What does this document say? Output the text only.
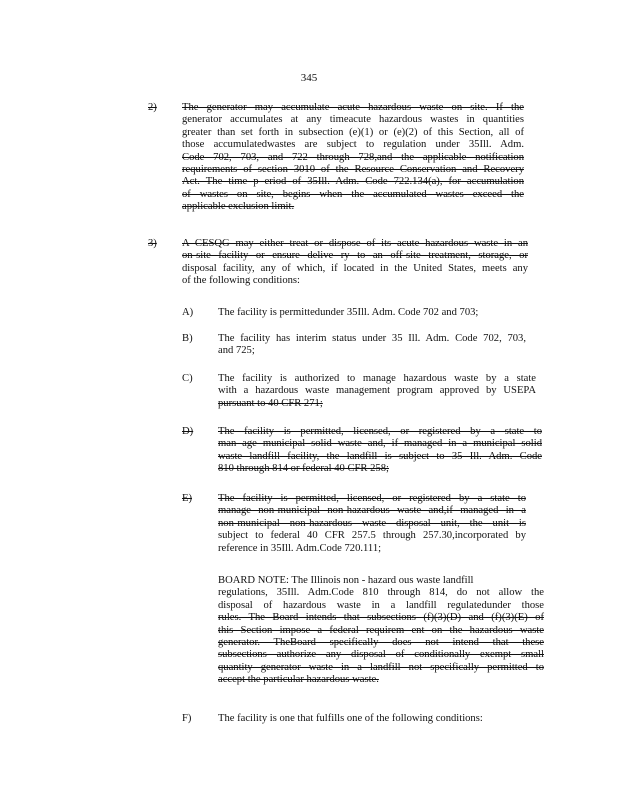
345
2) The generator may accumulate acute hazardous waste on site. If the
generator accumulates at any timeacute hazardous wastes in quantities
greater than set forth in subsection (e)(1) or (e)(2) of this Section, all of
those accumulatedwastes are subject to regulation under 35Ill. Adm.
Code 702, 703, and 722 through 728,and the applicable notification
requirements of section 3010 of the Resource Conservation and Recovery
Act. The time p eriod of 35Ill. Adm. Code 722.134(a), for accumulation
of wastes on site, begins when the accumulated wastes exceed the
applicable exclusion limit.
3) A CESQG may either treat or dispose of its acute hazardous waste in an
on-site facility or ensure delive ry to an off-site treatment, storage, or
disposal facility, any of which, if located in the United States, meets any
of the following conditions:
A) The facility is permittedunder 35Ill. Adm. Code 702 and 703;
B) The facility has interim status under 35 Ill. Adm. Code 702, 703,
and 725;
C) The facility is authorized to manage hazardous waste by a state
with a hazardous waste management program approved by USEPA
pursuant to 40 CFR 271;
D) The facility is permitted, licensed, or registered by a state to
man age municipal solid waste and, if managed in a municipal solid
waste landfill facility, the landfill is subject to 35 Ill. Adm. Code
810 through 814 or federal 40 CFR 258;
E) The facility is permitted, licensed, or registered by a state to
manage non-municipal non-hazardous waste and,if managed in a
non-municipal non-hazardous waste disposal unit, the unit is
subject to federal 40 CFR 257.5 through 257.30,incorporated by
reference in 35Ill. Adm.Code 720.111;
BOARD NOTE: The Illinois non - hazard ous waste landfill
regulations, 35Ill. Adm.Code 810 through 814, do not allow the
disposal of hazardous waste in a landfill regulatedunder those
rules. The Board intends that subsections (f)(3)(D) and (f)(3)(E) of
this Section impose a federal requirem ent on the hazardous waste
generator. TheBoard specifically does not intend that these
subsections authorize any disposal of conditionally exempt small
quantity generator waste in a landfill not specifically permitted to
accept the particular hazardous waste.
F)	The facility is one that fulfills one of the following conditions:
